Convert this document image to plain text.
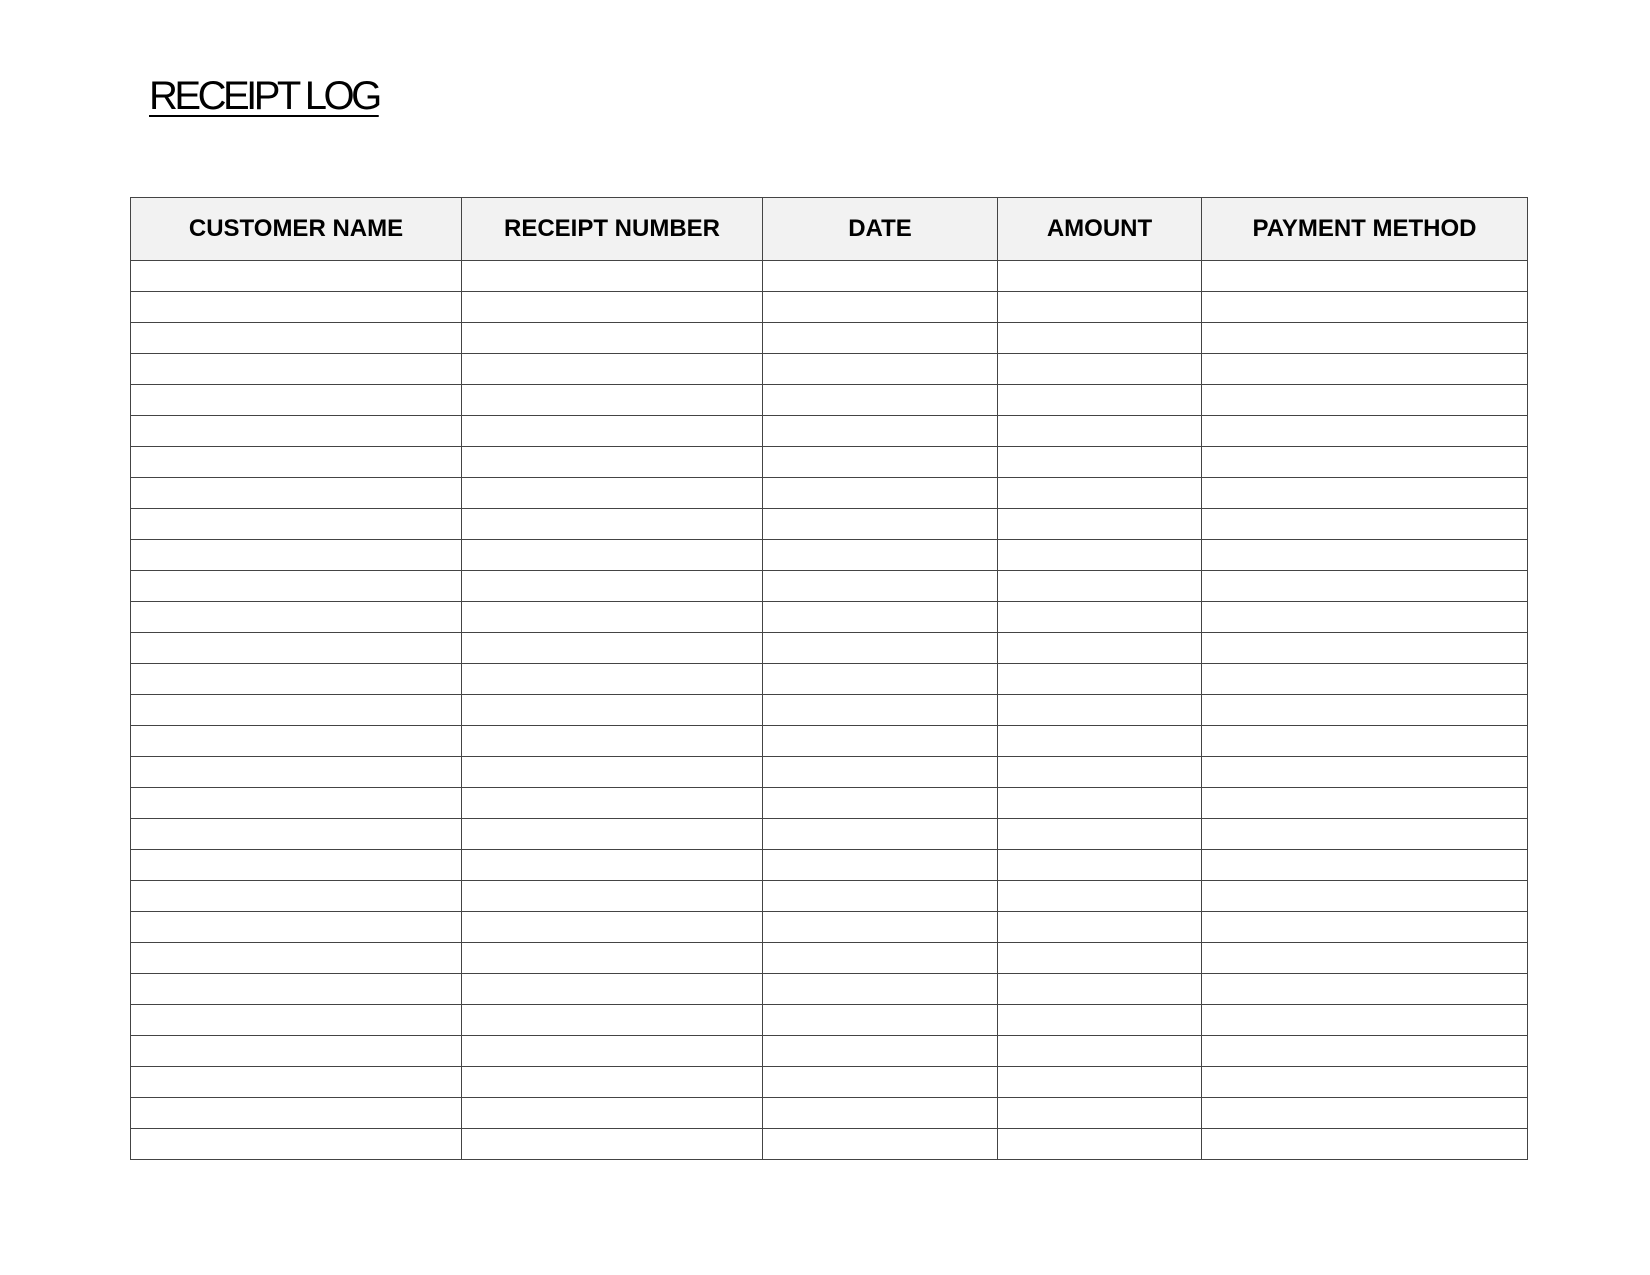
RECEIPT LOG
CUSTOMER NAME	RECEIPT NUMBER	DATE	AMOUNT	PAYMENT METHOD
